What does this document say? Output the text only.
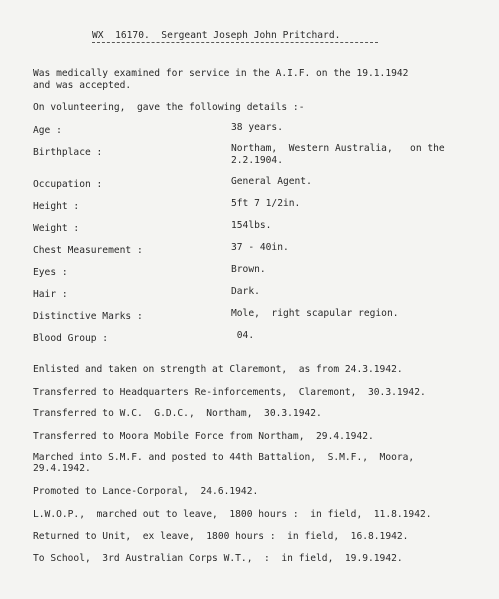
WX  16170.  Sergeant Joseph John Pritchard.
Was medically examined for service in the A.I.F. on the 19.1.1942
and was accepted.
On volunteering,  gave the following details :-
Age :	38 years.
Birthplace :	Northam,  Western Australia,   on the
2.2.1904.
Occupation :	General Agent.
Height :	5ft 7 1/2in.
Weight :	154lbs.
Chest Measurement :	37 - 40in.
Eyes :	Brown.
Hair :	Dark.
Distinctive Marks :	Mole,  right scapular region.
Blood Group :	04.
Enlisted and taken on strength at Claremont,  as from 24.3.1942.
Transferred to Headquarters Re-inforcements,  Claremont,  30.3.1942.
Transferred to W.C.  G.D.C.,  Northam,  30.3.1942.
Transferred to Moora Mobile Force from Northam,  29.4.1942.
Marched into S.M.F. and posted to 44th Battalion,  S.M.F.,  Moora,
29.4.1942.
Promoted to Lance-Corporal,  24.6.1942.
L.W.O.P.,  marched out to leave,  1800 hours :  in field,  11.8.1942.
Returned to Unit,  ex leave,  1800 hours :  in field,  16.8.1942.
To School,  3rd Australian Corps W.T.,  :  in field,  19.9.1942.
